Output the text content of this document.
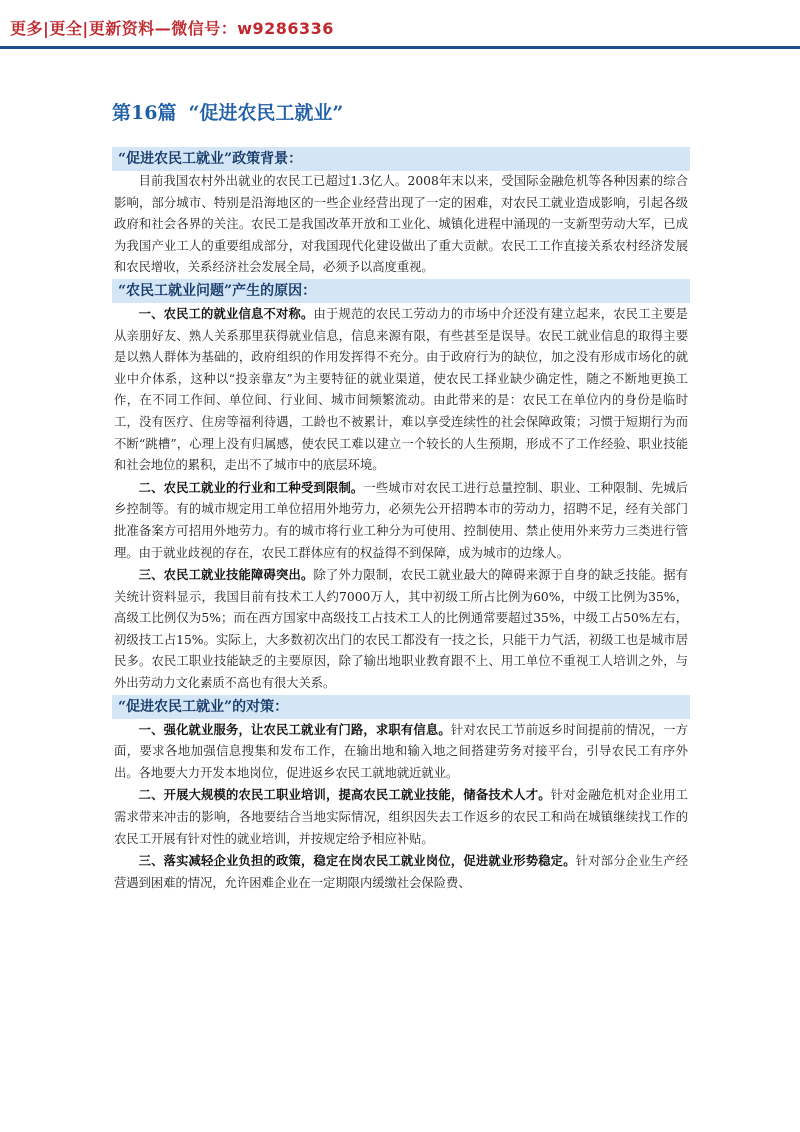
更多|更全|更新资料—微信号：w9286336
第16篇 “促进农民工就业”
“促进农民工就业”政策背景：

目前我国农村外出就业的农民工已超过1.3亿人。2008年末以来，受国际金融危机等各种因素的综合影响，部分城市、特别是沿海地区的一些企业经营出现了一定的困难，对农民工就业造成影响，引起各级政府和社会各界的关注。农民工是我国改革开放和工业化、城镇化进程中涌现的一支新型劳动大军，已成为我国产业工人的重要组成部分，对我国现代化建设做出了重大贡献。农民工工作直接关系农村经济发展和农民增收，关系经济社会发展全局，必须予以高度重视。

“农民工就业问题”产生的原因：

一、农民工的就业信息不对称。由于规范的农民工劳动力的市场中介还没有建立起来，农民工主要是从亲朋好友、熟人关系那里获得就业信息，信息来源有限，有些甚至是误导。农民工就业信息的取得主要是以熟人群体为基础的，政府组织的作用发挥得不充分。由于政府行为的缺位，加之没有形成市场化的就业中介体系，这种以“投亲靠友”为主要特征的就业渠道，使农民工择业缺少确定性，随之不断地更换工作，在不同工作间、单位间、行业间、城市间频繁流动。由此带来的是：农民工在单位内的身份是临时工，没有医疗、住房等福利待遇，工龄也不被累计，难以享受连续性的社会保障政策；习惯于短期行为而不断“跳槽”，心理上没有归属感，使农民工难以建立一个较长的人生预期，形成不了工作经验、职业技能和社会地位的累积，走出不了城市中的底层环境。

二、农民工就业的行业和工种受到限制。一些城市对农民工进行总量控制、职业、工种限制、先城后乡控制等。有的城市规定用工单位招用外地劳力，必须先公开招聘本市的劳动力，招聘不足，经有关部门批准备案方可招用外地劳力。有的城市将行业工种分为可使用、控制使用、禁止使用外来劳力三类进行管理。由于就业歧视的存在，农民工群体应有的权益得不到保障，成为城市的边缘人。

三、农民工就业技能障碍突出。除了外力限制，农民工就业最大的障碍来源于自身的缺乏技能。据有关统计资料显示，我国目前有技术工人约7000万人，其中初级工所占比例为60%，中级工比例为35%，高级工比例仅为5%；而在西方国家中高级技工占技术工人的比例通常要超过35%，中级工占50%左右，初级技工占15%。实际上，大多数初次出门的农民工都没有一技之长，只能干力气活，初级工也是城市居民多。农民工职业技能缺乏的主要原因，除了输出地职业教育跟不上、用工单位不重视工人培训之外，与外出劳动力文化素质不高也有很大关系。

“促进农民工就业”的对策：

一、强化就业服务，让农民工就业有门路，求职有信息。针对农民工节前返乡时间提前的情况，一方面，要求各地加强信息搜集和发布工作，在输出地和输入地之间搭建劳务对接平台，引导农民工有序外出。各地要大力开发本地岗位，促进返乡农民工就地就近就业。

二、开展大规模的农民工职业培训，提高农民工就业技能，储备技术人才。针对金融危机对企业用工需求带来冲击的影响，各地要结合当地实际情况，组织因失去工作返乡的农民工和尚在城镇继续找工作的农民工开展有针对性的就业培训，并按规定给予相应补贴。

三、落实减轻企业负担的政策，稳定在岗农民工就业岗位，促进就业形势稳定。针对部分企业生产经营遇到困难的情况，允许困难企业在一定期限内缓缴社会保险费、
